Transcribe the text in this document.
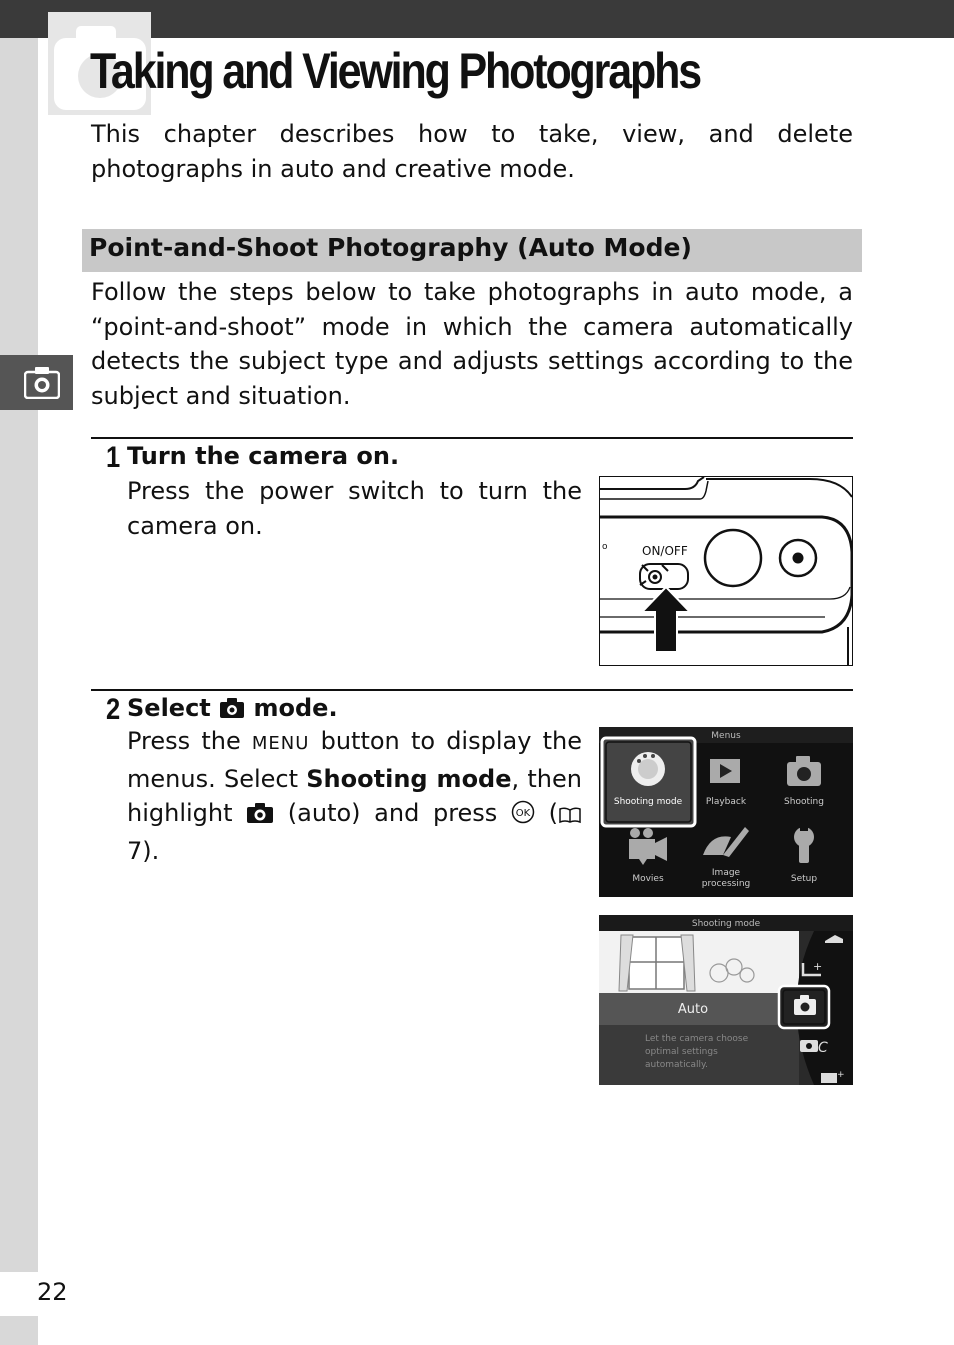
Taking and Viewing Photographs

This chapter describes how to take, view, and delete photographs in auto and creative mode.

Point-and-Shoot Photography (Auto Mode)

Follow the steps below to take photographs in auto mode, a “point-and-shoot” mode in which the camera automatically detects the subject type and adjusts settings according to the subject and situation.

1 Turn the camera on.

Press the power switch to turn the camera on.

o	ON/OFF
2 Select mode.

Press the MENU button to display the menus. Select Shooting mode, then highlight (auto) and press OK ( 7).

Menus
Shooting mode	Playback	Shooting
Movies
Image
processing	Setup
Shooting mode
Auto
Let the camera choose
optimal settings
automatically.
+
C
+
22
